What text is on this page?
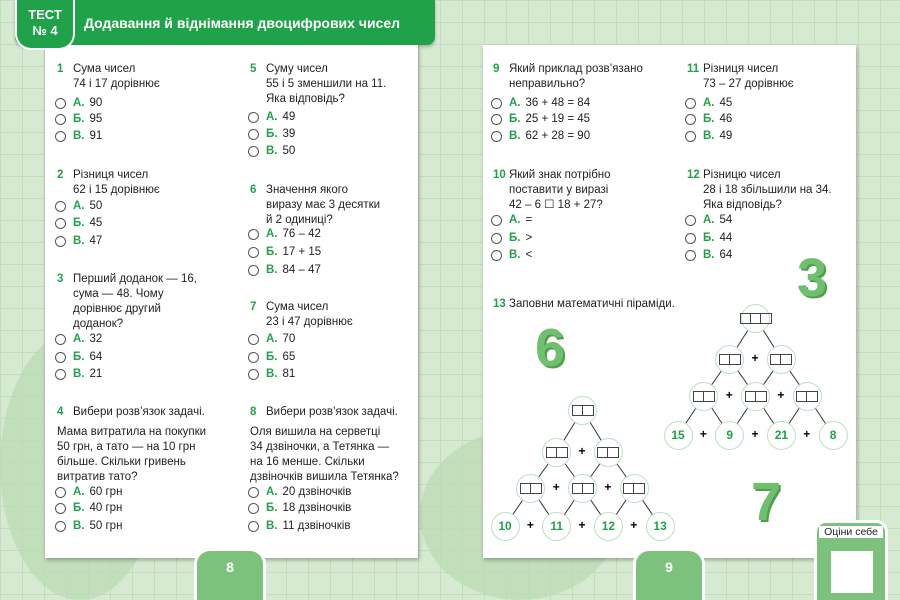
ТЕСТ
№ 4	Додавання й віднімання двоцифрових чисел
1 Сума чисел
74 і 17 дорівнює
А. 90
Б. 95
В. 91
2 Різниця чисел
62 і 15 дорівнює
А. 50
Б. 45
В. 47
3 Перший доданок — 16,
сума — 48. Чому
дорівнює другий
доданок?
А. 32
Б. 64
В. 21
4 Вибери розв’язок задачі.
Мама витратила на покупки
50 грн, а тато — на 10 грн
більше. Скільки гривень
витратив тато?
А. 60 грн
Б. 40 грн
В. 50 грн
5 Суму чисел
55 і 5 зменшили на 11.
Яка відповідь?
А. 49
Б. 39
В. 50
6 Значення якого
виразу має 3 десятки
й 2 одиниці?
А. 76 – 42
Б. 17 + 15
В. 84 – 47
7 Сума чисел
23 і 47 дорівнює
А. 70
Б. 65
В. 81
8 Вибери розв’язок задачі.
Оля вишила на серветці
34 дзвіночки, а Тетянка —
на 16 менше. Скільки
дзвіночків вишила Тетянка?
А. 20 дзвіночків
Б. 18 дзвіночків
В. 11 дзвіночків
9 Який приклад розв’язано
неправильно?
А. 36 + 48 = 84
Б. 25 + 19 = 45
В. 62 + 28 = 90
10 Який знак потрібно
поставити у виразі
42 – 6 ☐ 18 + 27?
А. =
Б. >
В. <
11 Різниця чисел
73 – 27 дорівнює
А. 45
Б. 46
В. 49
12 Різницю чисел
28 і 18 збільшили на 34.
Яка відповідь?
А. 54
Б. 44
В. 64
13 Заповни математичні піраміди.
8	9
Оціни себе
6
3
7
10	+	11	+	12	+	13
+	+
+
15	+	9	+	21	+	8
+	+
+
